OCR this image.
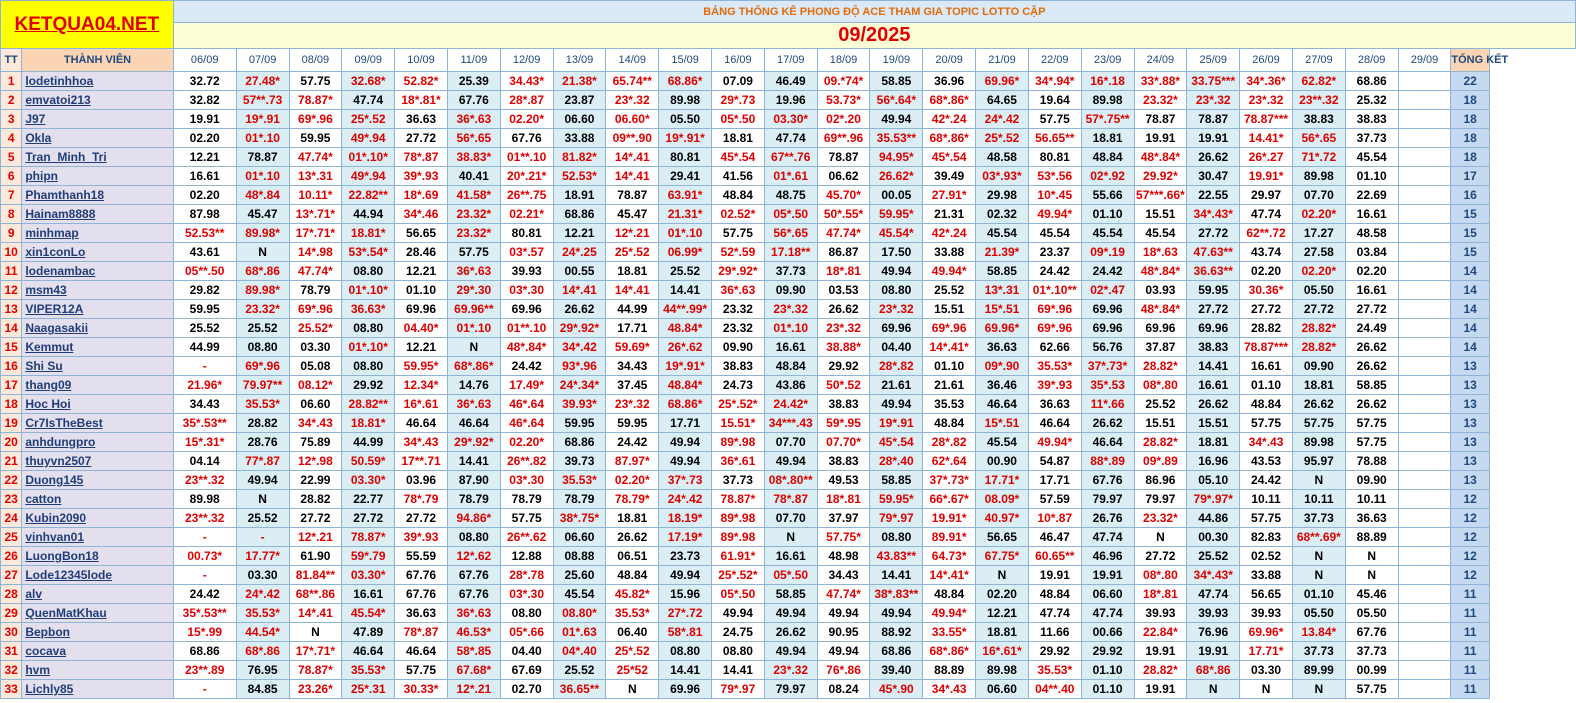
KETQUA04.NET		BẢNG THỐNG KÊ PHONG ĐỘ ACE THAM GIA TOPIC LOTTO CẶP																								
		09/2025																								
TT	THÀNH VIÊN	06/09	07/09	08/09	09/09	10/09	11/09	12/09	13/09	14/09	15/09	16/09	17/09	18/09	19/09	20/09	21/09	22/09	23/09	24/09	25/09	26/09	27/09	28/09	29/09	TỔNG KẾT
1	lodetinhhoa	32.72	27.48*	57.75	32.68*	52.82*	25.39	34.43*	21.38*	65.74**	68.86*	07.09	46.49	09.*74*	58.85	36.96	69.96*	34*.94*	16*.18	33*.88*	33.75***	34*.36*	62.82*	68.86		22
2	emvatoi213	32.82	57**.73	78.87*	47.74	18*.81*	67.76	28*.87	23.87	23*.32	89.98	29*.73	19.96	53.73*	56*.64*	68*.86*	64.65	19.64	89.98	23.32*	23*.32	23*.32	23**.32	25.32		18
3	J97	19.91	19*.91	69*.96	25*.52	36.63	36*.63	02.20*	06.60	06.60*	05.50	05*.50	03.30*	02*.20	49.94	42*.24	24*.42	57.75	57*.75**	78.87	78.87	78.87***	38.83	38.83		18
4	Okla	02.20	01*.10	59.95	49*.94	27.72	56*.65	67.76	33.88	09**.90	19*.91*	18.81	47.74	69**.96	35.53**	68*.86*	25*.52	56.65**	18.81	19.91	19.91	14.41*	56*.65	37.73		18
5	Tran_Minh_Tri	12.21	78.87	47.74*	01*.10*	78*.87	38.83*	01**.10	81.82*	14*.41	80.81	45*.54	67**.76	78.87	94.95*	45*.54	48.58	80.81	48.84	48*.84*	26.62	26*.27	71*.72	45.54		18
6	phipn	16.61	01*.10	13*.31	49*.94	39*.93	40.41	20*.21*	52.53*	14*.41	29.41	41.56	01*.61	06.62	26.62*	39.49	03*.93*	53*.56	02*.92	29.92*	30.47	19.91*	89.98	01.10		17
7	Phamthanh18	02.20	48*.84	10.11*	22.82**	18*.69	41.58*	26**.75	18.91	78.87	63.91*	48.84	48.75	45.70*	00.05	27.91*	29.98	10*.45	55.66	57***.66*	22.55	29.97	07.70	22.69		16
8	Hainam8888	87.98	45.47	13*.71*	44.94	34*.46	23.32*	02.21*	68.86	45.47	21.31*	02.52*	05*.50	50*.55*	59.95*	21.31	02.32	49.94*	01.10	15.51	34*.43*	47.74	02.20*	16.61		15
9	minhmap	52.53**	89.98*	17*.71*	18.81*	56.65	23.32*	80.81	12.21	12*.21	01*.10	57.75	56*.65	47.74*	45.54*	42*.24	45.54	45.54	45.54	45.54	27.72	62**.72	17.27	48.58		15
10	xin1conLo	43.61	N	14*.98	53*.54*	28.46	57.75	03*.57	24*.25	25*.52	06.99*	52*.59	17.18**	86.87	17.50	33.88	21.39*	23.37	09*.19	18*.63	47.63**	43.74	27.58	03.84		15
11	lodenambac	05**.50	68*.86	47.74*	08.80	12.21	36*.63	39.93	00.55	18.81	25.52	29*.92*	37.73	18*.81	49.94	49.94*	58.85	24.42	24.42	48*.84*	36.63**	02.20	02.20*	02.20		14
12	msm43	29.82	89.98*	78.79	01*.10*	01.10	29*.30	03*.30	14*.41	14*.41	14.41	36*.63	09.90	03.53	08.80	25.52	13*.31	01*.10**	02*.47	03.93	59.95	30.36*	05.50	16.61		14
13	VIPER12A	59.95	23.32*	69*.96	36.63*	69.96	69.96**	69.96	26.62	44.99	44**.99*	23.32	23*.32	26.62	23*.32	15.51	15*.51	69*.96	69.96	48*.84*	27.72	27.72	27.72	27.72		14
14	Naagasakii	25.52	25.52	25.52*	08.80	04.40*	01*.10	01**.10	29*.92*	17.71	48.84*	23.32	01*.10	23*.32	69.96	69*.96	69.96*	69*.96	69.96	69.96	69.96	28.82	28.82*	24.49		14
15	Kemmut	44.99	08.80	03.30	01*.10*	12.21	N	48*.84*	34*.42	59.69*	26*.62	09.90	16.61	38.88*	04.40	14*.41*	36.63	62.66	56.76	37.87	38.83	78.87***	28.82*	26.62		14
16	Shi Su	-	69*.96	05.08	08.80	59.95*	68*.86*	24.42	93*.96	34.43	19*.91*	38.83	48.84	29.92	28*.82	01.10	09*.90	35.53*	37*.73*	28.82*	14.41	16.61	09.90	26.62		13
17	thang09	21.96*	79.97**	08.12*	29.92	12.34*	14.76	17.49*	24*.34*	37.45	48.84*	24.73	43.86	50*.52	21.61	21.61	36.46	39*.93	35*.53	08*.80	16.61	01.10	18.81	58.85		13
18	Hoc Hoi	34.43	35.53*	06.60	28.82**	16*.61	36*.63	46*.64	39.93*	23*.32	68.86*	25*.52*	24.42*	38.83	49.94	35.53	46.64	36.63	11*.66	25.52	26.62	48.84	26.62	26.62		13
19	Cr7IsTheBest	35*.53**	28.82	34*.43	18.81*	46.64	46.64	46*.64	59.95	59.95	17.71	15.51*	34***.43	59*.95	19*.91	48.84	15*.51	46.64	26.62	15.51	15.51	57.75	57.75	57.75		13
20	anhdungpro	15*.31*	28.76	75.89	44.99	34*.43	29*.92*	02.20*	68.86	24.42	49.94	89*.98	07.70	07.70*	45*.54	28*.82	45.54	49.94*	46.64	28.82*	18.81	34*.43	89.98	57.75		13
21	thuyvn2507	04.14	77*.87	12*.98	50.59*	17**.71	14.41	26**.82	39.73	87.97*	49.94	36*.61	49.94	38.83	28*.40	62*.64	00.90	54.87	88*.89	09*.89	16.96	43.53	95.97	78.88		13
22	Duong145	23**.32	49.94	22.99	03.30*	03.96	87.90	03*.30	35.53*	02.20*	37*.73	37.73	08*.80**	49.53	58.85	37*.73*	17.71*	17.71	67.76	86.96	05.10	24.42	N	09.90		13
23	catton	89.98	N	28.82	22.77	78*.79	78.79	78.79	78.79	78.79*	24*.42	78.87*	78*.87	18*.81	59.95*	66*.67*	08.09*	57.59	79.97	79.97	79*.97*	10.11	10.11	10.11		12
24	Kubin2090	23**.32	25.52	27.72	27.72	27.72	94.86*	57.75	38*.75*	18.81	18.19*	89*.98	07.70	37.97	79*.97	19.91*	40.97*	10*.87	26.76	23.32*	44.86	57.75	37.73	36.63		12
25	vinhvan01	-	-	12*.21	78.87*	39*.93	08.80	26**.62	06.60	26.62	17.19*	89*.98	N	57.75*	08.80	89.91*	56.65	46.47	47.74	N	00.30	82.83	68**.69*	88.89		12
26	LuongBon18	00.73*	17.77*	61.90	59*.79	55.59	12*.62	12.88	08.88	06.51	23.73	61.91*	16.61	48.98	43.83**	64.73*	67.75*	60.65**	46.96	27.72	25.52	02.52	N	N		12
27	Lode12345lode	-	03.30	81.84**	03.30*	67.76	67.76	28*.78	25.60	48.84	49.94	25*.52*	05*.50	34.43	14.41	14*.41*	N	19.91	19.91	08*.80	34*.43*	33.88	N	N		12
28	alv	24.42	24*.42	68**.86	16.61	67.76	67.76	03*.30	45.54	45.82*	15.96	05*.50	58.85	47.74*	38*.83**	48.84	02.20	48.84	06.60	18*.81	47.74	56.65	01.10	45.46		11
29	QuenMatKhau	35*.53**	35.53*	14*.41	45.54*	36.63	36*.63	08.80	08.80*	35.53*	27*.72	49.94	49.94	49.94	49.94	49.94*	12.21	47.74	47.74	39.93	39.93	39.93	05.50	05.50		11
30	Bepbon	15*.99	44.54*	N	47.89	78*.87	46.53*	05*.66	01*.63	06.40	58*.81	24.75	26.62	90.95	88.92	33.55*	18.81	11.66	00.66	22.84*	76.96	69.96*	13.84*	67.76		11
31	cocava	68.86	68*.86	17*.71*	46.64	46.64	58*.85	04.40	04*.40	25*.52	08.80	08.80	49.94	49.94	68.86	68*.86*	16*.61*	29.92	29.92	19.91	19.91	17.71*	37.73	37.73		11
32	hvm	23**.89	76.95	78.87*	35.53*	57.75	67.68*	67.69	25.52	25*52	14.41	14.41	23*.32	76*.86	39.40	88.89	89.98	35.53*	01.10	28.82*	68*.86	03.30	89.99	00.99		11
33	Lichly85	-	84.85	23.26*	25*.31	30.33*	12*.21	02.70	36.65**	N	69.96	79*.97	79.97	08.24	45*.90	34*.43	06.60	04**.40	01.10	19.91	N	N	N	57.75		11
